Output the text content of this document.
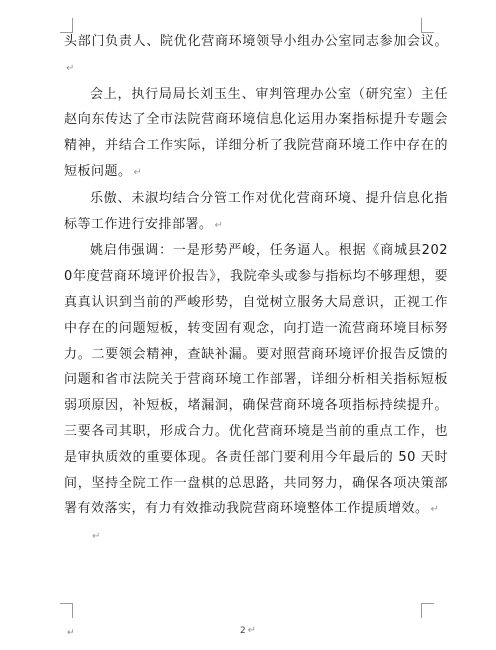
头部门负责人、院优化营商环境领导小组办公室同志参加会议。↵

会上，执行局局长刘玉生、审判管理办公室（研究室）主任赵向东传达了全市法院营商环境信息化运用办案指标提升专题会精神，并结合工作实际，详细分析了我院营商环境工作中存在的短板问题。 ↵

乐傲、未淑均结合分管工作对优化营商环境、提升信息化指标等工作进行安排部署。 ↵

姚启伟强调：一是形势严峻，任务逼人。根据《商城县2020年度营商环境评价报告》，我院牵头或参与指标均不够理想，要真真认识到当前的严峻形势，自觉树立服务大局意识，正视工作中存在的问题短板，转变固有观念，向打造一流营商环境目标努力。二要领会精神，查缺补漏。要对照营商环境评价报告反馈的问题和省市法院关于营商环境工作部署，详细分析相关指标短板弱项原因，补短板，堵漏洞，确保营商环境各项指标持续提升。三要各司其职，形成合力。优化营商环境是当前的重点工作，也是审执质效的重要体现。各责任部门要利用今年最后的 50 天时间，坚持全院工作一盘棋的总思路，共同努力，确保各项决策部署有效落实，有力有效推动我院营商环境整体工作提质增效。 ↵

↵

2 ↵
↵
